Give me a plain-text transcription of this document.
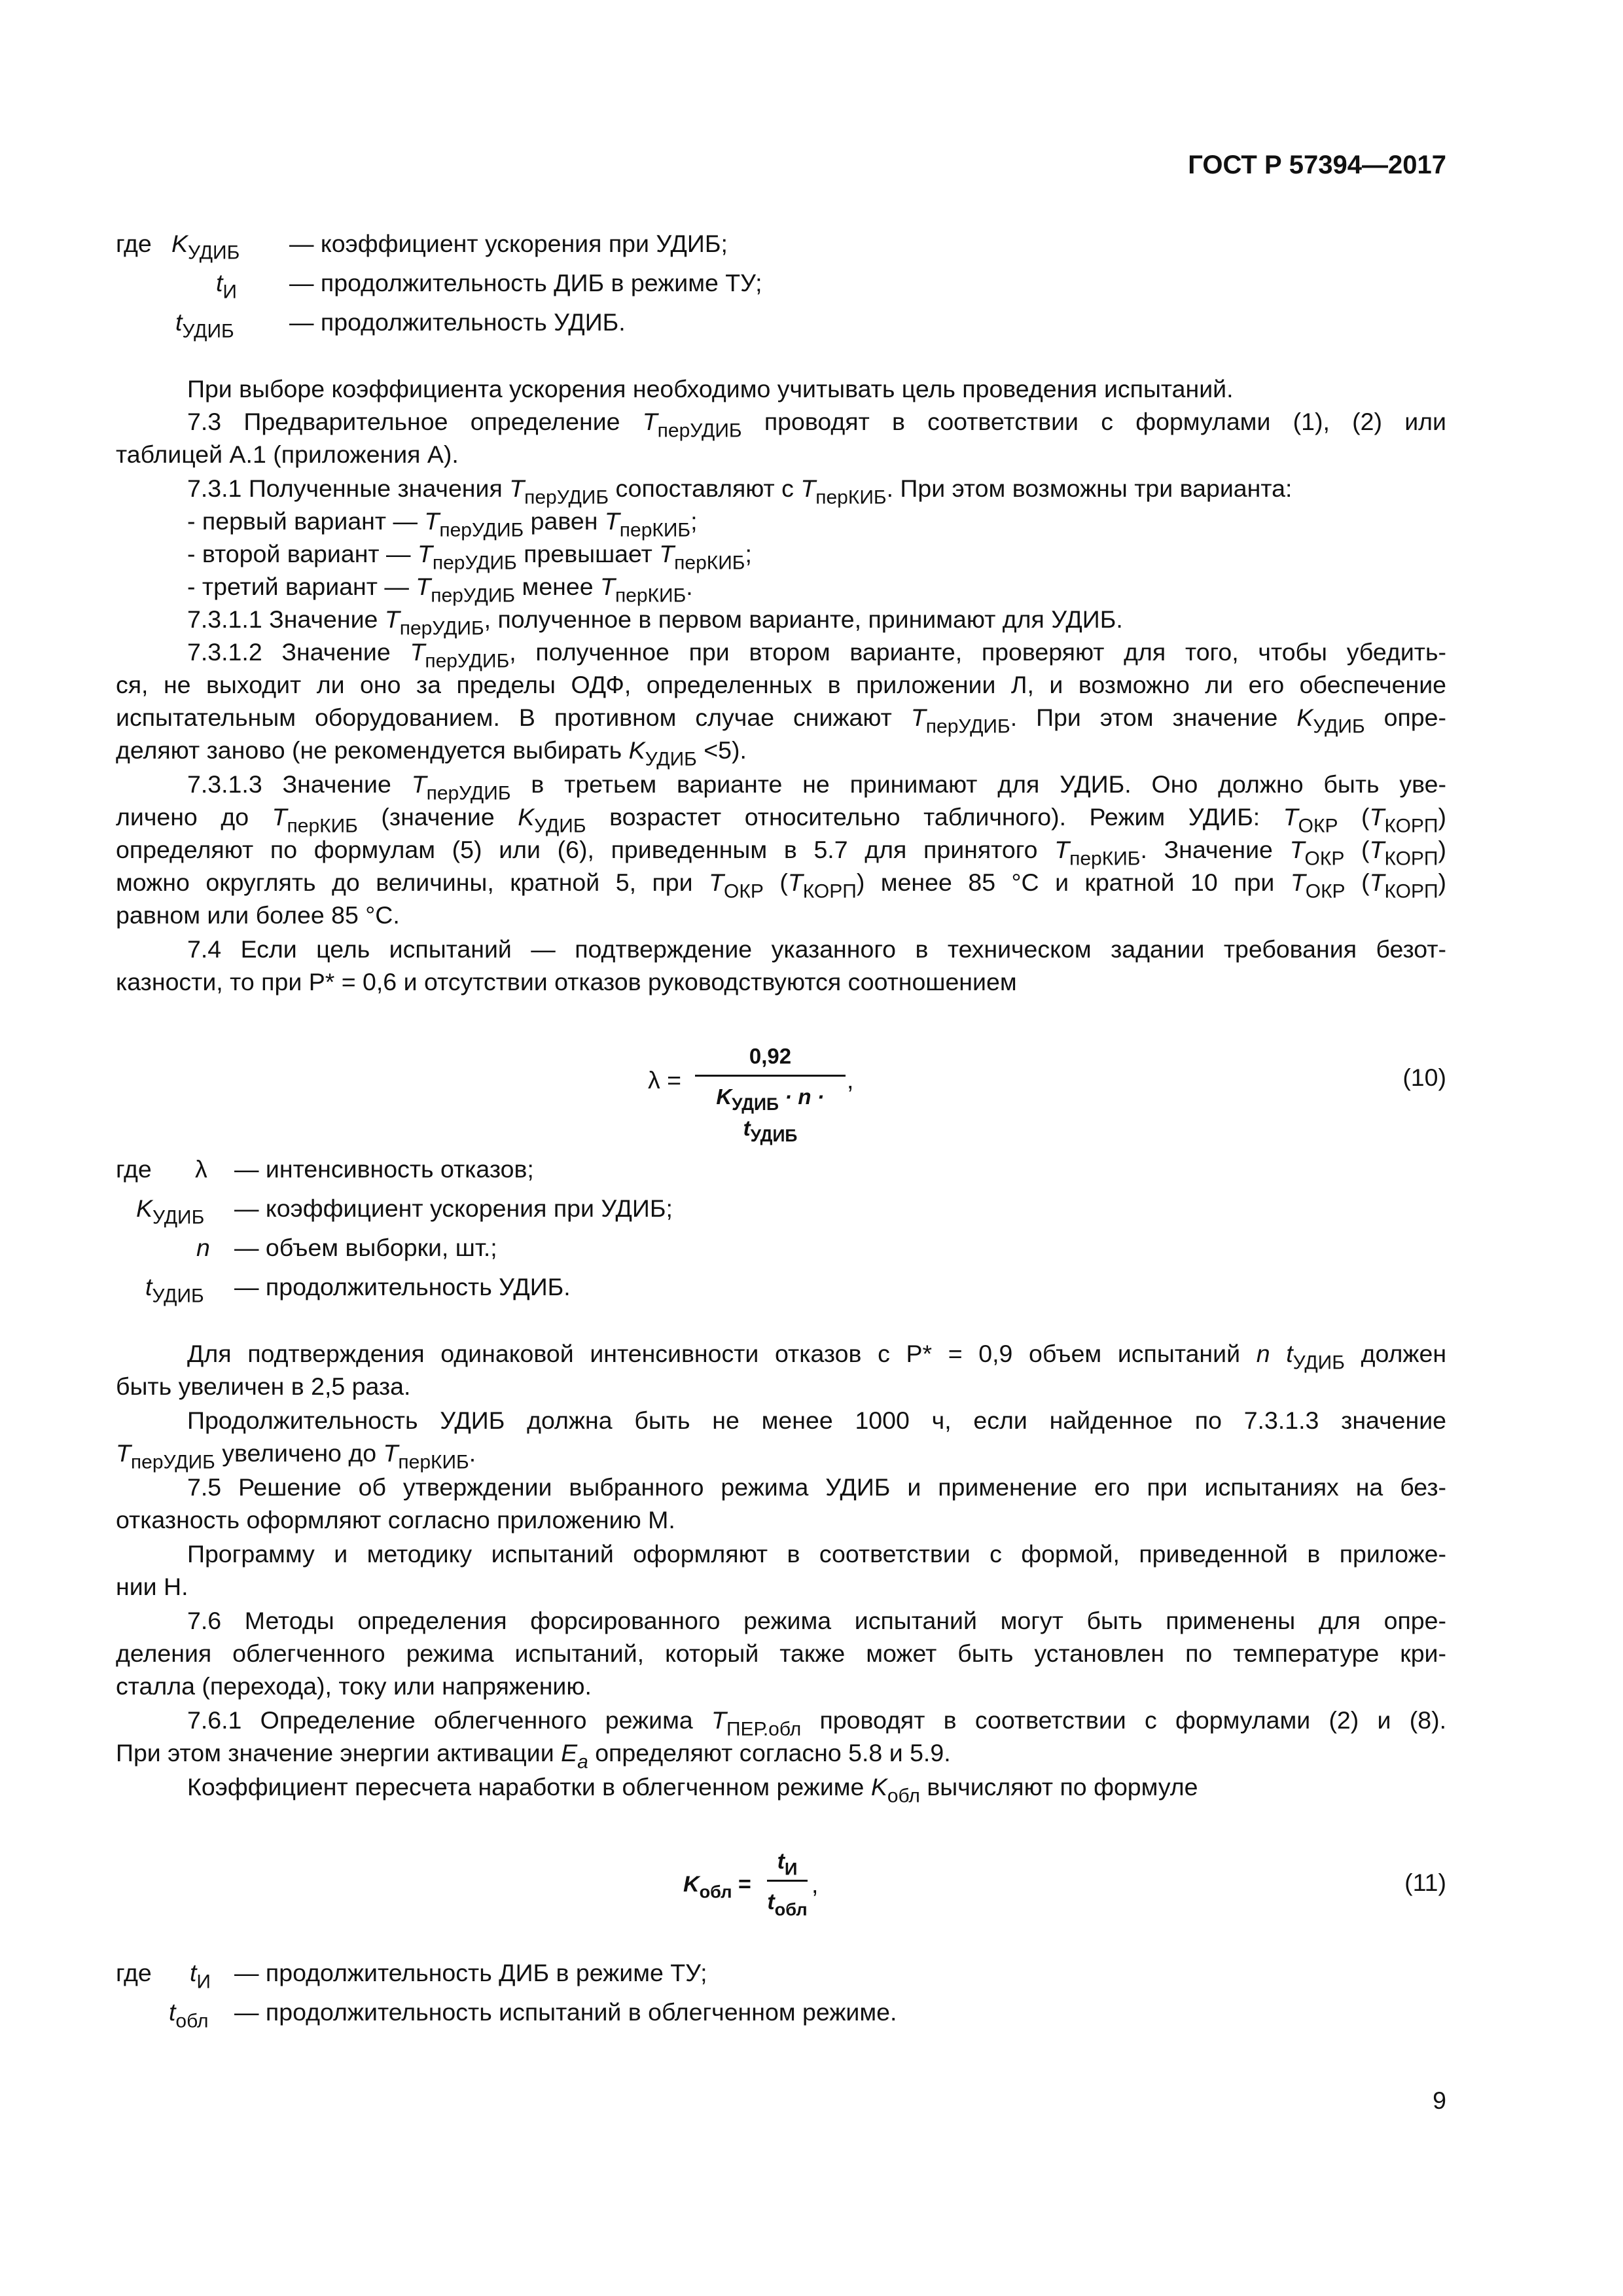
ГОСТ Р 57394—2017
где $K_{УДИБ}$ — коэффициент ускорения при УДИБ;
$t_И$ — продолжительность ДИБ в режиме ТУ;
$t_{УДИБ}$ — продолжительность УДИБ.
При выборе коэффициента ускорения необходимо учитывать цель проведения испытаний.
7.3 Предварительное определение $T_{перУДИБ}$ проводят в соответствии с формулами (1), (2) или
таблицей А.1 (приложения А).
7.3.1 Полученные значения $T_{перУДИБ}$ сопоставляют с $T_{перКИБ}$. При этом возможны три варианта:
- первый вариант — $T_{перУДИБ}$ равен $T_{перКИБ}$;
- второй вариант — $T_{перУДИБ}$ превышает $T_{перКИБ}$;
- третий вариант — $T_{перУДИБ}$ менее $T_{перКИБ}$.
7.3.1.1 Значение $T_{перУДИБ}$, полученное в первом варианте, принимают для УДИБ.
7.3.1.2 Значение $T_{перУДИБ}$, полученное при втором варианте, проверяют для того, чтобы убедить-
ся, не выходит ли оно за пределы ОДФ, определенных в приложении Л, и возможно ли его обеспечение
испытательным оборудованием. В противном случае снижают $T_{перУДИБ}$. При этом значение $K_{УДИБ}$ опре-
деляют заново (не рекомендуется выбирать $K_{УДИБ} <5$).
7.3.1.3 Значение $T_{перУДИБ}$ в третьем варианте не принимают для УДИБ. Оно должно быть уве-
личено до $T_{перКИБ}$ (значение $K_{УДИБ}$ возрастет относительно табличного). Режим УДИБ: $T_{ОКР}$ $(T_{КОРП})$
определяют по формулам (5) или (6), приведенным в 5.7 для принятого $T_{перКИБ}$. Значение $T_{ОКР}$ $(T_{КОРП})$
можно округлять до величины, кратной 5, при $T_{ОКР}$ $(T_{КОРП})$ менее 85 °С и кратной 10 при $T_{ОКР}$ $(T_{КОРП})$
равном или более 85 °С.
7.4 Если цель испытаний — подтверждение указанного в техническом задании требования безот-
казности, то при Р* = 0,6 и отсутствии отказов руководствуются соотношением
λ =
0,92
$K_{УДИБ} \cdot n \cdot t_{УДИБ}$
,	(10)
где λ — интенсивность отказов;
$K_{УДИБ}$ — коэффициент ускорения при УДИБ;
n — объем выборки, шт.;
$t_{УДИБ}$ — продолжительность УДИБ.
Для подтверждения одинаковой интенсивности отказов с Р* = 0,9 объем испытаний n $t_{УДИБ}$ должен
быть увеличен в 2,5 раза.
Продолжительность УДИБ должна быть не менее 1000 ч, если найденное по 7.3.1.3 значение
$T_{перУДИБ}$ увеличено до $T_{перКИБ}$.
7.5 Решение об утверждении выбранного режима УДИБ и применение его при испытаниях на без-
отказность оформляют согласно приложению М.
Программу и методику испытаний оформляют в соответствии с формой, приведенной в приложе-
нии Н.
7.6 Методы определения форсированного режима испытаний могут быть применены для опре-
деления облегченного режима испытаний, который также может быть установлен по температуре кри-
сталла (перехода), току или напряжению.
7.6.1 Определение облегченного режима $T_{ПЕР.обл}$ проводят в соответствии с формулами (2) и (8).
При этом значение энергии активации $E_a$ определяют согласно 5.8 и 5.9.
Коэффициент пересчета наработки в облегченном режиме $K_{обл}$ вычисляют по формуле
$K_{обл}$ =
$t_И$
$t_{обл}$
,	(11)
где $t_И$ — продолжительность ДИБ в режиме ТУ;
$t_{обл}$ — продолжительность испытаний в облегченном режиме.
9
